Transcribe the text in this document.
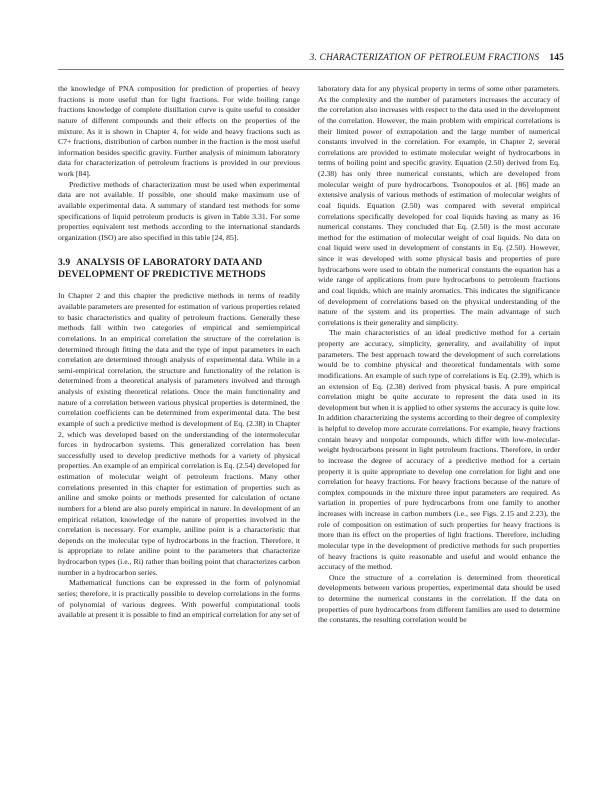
3. CHARACTERIZATION OF PETROLEUM FRACTIONS 145

the knowledge of PNA composition for prediction of properties of heavy fractions is more useful than for light fractions. For wide boiling range fractions knowledge of complete distillation curve is quite useful to consider nature of different compounds and their effects on the properties of the mixture. As it is shown in Chapter 4, for wide and heavy fractions such as C7+ fractions, distribution of carbon number in the fraction is the most useful information besides specific gravity. Further analysis of minimum laboratory data for characterization of petroleum fractions is provided in our previous work [84].

Predictive methods of characterization must be used when experimental data are not available. If possible, one should make maximum use of available experimental data. A summary of standard test methods for some specifications of liquid petroleum products is given in Table 3.31. For some properties equivalent test methods according to the international standards organization (ISO) are also specified in this table [24, 85].

3.9 ANALYSIS OF LABORATORY DATA AND DEVELOPMENT OF PREDICTIVE METHODS

In Chapter 2 and this chapter the predictive methods in terms of readily available parameters are presented for estimation of various properties related to basic characteristics and quality of petroleum fractions. Generally these methods fall within two categories of empirical and semiempirical correlations. In an empirical correlation the structure of the correlation is determined through fitting the data and the type of input parameters in each correlation are determined through analysis of experimental data. While in a semi-empirical correlation, the structure and functionality of the relation is determined from a theoretical analysis of parameters involved and through analysis of existing theoretical relations. Once the main functionality and nature of a correlation between various physical properties is determined, the correlation coefficients can be determined from experimental data. The best example of such a predictive method is development of Eq. (2.38) in Chapter 2, which was developed based on the understanding of the intermolecular forces in hydrocarbon systems. This generalized correlation has been successfully used to develop predictive methods for a variety of physical properties. An example of an empirical correlation is Eq. (2.54) developed for estimation of molecular weight of petroleum fractions. Many other correlations presented in this chapter for estimation of properties such as aniline and smoke points or methods presented for calculation of octane numbers for a blend are also purely empirical in nature. In development of an empirical relation, knowledge of the nature of properties involved in the correlation is necessary. For example, aniline point is a characteristic that depends on the molecular type of hydrocarbons in the fraction. Therefore, it is appropriate to relate aniline point to the parameters that characterize hydrocarbon types (i.e., Ri) rather than boiling point that characterizes carbon number in a hydrocarbon series.

Mathematical functions can be expressed in the form of polynomial series; therefore, it is practically possible to develop correlations in the forms of polynomial of various degrees. With powerful computational tools available at present it is possible to find an empirical correlation for any set of

laboratory data for any physical property in terms of some other parameters. As the complexity and the number of parameters increases the accuracy of the correlation also increases with respect to the data used in the development of the correlation. However, the main problem with empirical correlations is their limited power of extrapolation and the large number of numerical constants involved in the correlation. For example, in Chapter 2, several correlations are provided to estimate molecular weight of hydrocarbons in terms of boiling point and specific gravity. Equation (2.50) derived from Eq. (2.38) has only three numerical constants, which are developed from molecular weight of pure hydrocarbons. Tsonopoulos et al. [86] made an extensive analysis of various methods of estimation of molecular weights of coal liquids. Equation (2.50) was compared with several empirical correlations specifically developed for coal liquids having as many as 16 numerical constants. They concluded that Eq. (2.50) is the most accurate method for the estimation of molecular weight of coal liquids. No data on coal liquid were used in development of constants in Eq. (2.50). However, since it was developed with some physical basis and properties of pure hydrocarbons were used to obtain the numerical constants the equation has a wide range of applications from pure hydrocarbons to petroleum fractions and coal liquids, which are mainly aromatics. This indicates the significance of development of correlations based on the physical understanding of the nature of the system and its properties. The main advantage of such correlations is their generality and simplicity.

The main characteristics of an ideal predictive method for a certain property are accuracy, simplicity, generality, and availability of input parameters. The best approach toward the development of such correlations would be to combine physical and theoretical fundamentals with some modifications. An example of such type of correlations is Eq. (2.39), which is an extension of Eq. (2.38) derived from physical basis. A pure empirical correlation might be quite accurate to represent the data used in its development but when it is applied to other systems the accuracy is quite low. In addition characterizing the systems according to their degree of complexity is helpful to develop more accurate correlations. For example, heavy fractions contain heavy and nonpolar compounds, which differ with low-molecular-weight hydrocarbons present in light petroleum fractions. Therefore, in order to increase the degree of accuracy of a predictive method for a certain property it is quite appropriate to develop one correlation for light and one correlation for heavy fractions. For heavy fractions because of the nature of complex compounds in the mixture three input parameters are required. As variation in properties of pure hydrocarbons from one family to another increases with increase in carbon numbers (i.e., see Figs. 2.15 and 2.23), the role of composition on estimation of such properties for heavy fractions is more than its effect on the properties of light fractions. Therefore, including molecular type in the development of predictive methods for such properties of heavy fractions is quite reasonable and useful and would enhance the accuracy of the method.

Once the structure of a correlation is determined from theoretical developments between various properties, experimental data should be used to determine the numerical constants in the correlation. If the data on properties of pure hydrocarbons from different families are used to determine the constants, the resulting correlation would be
